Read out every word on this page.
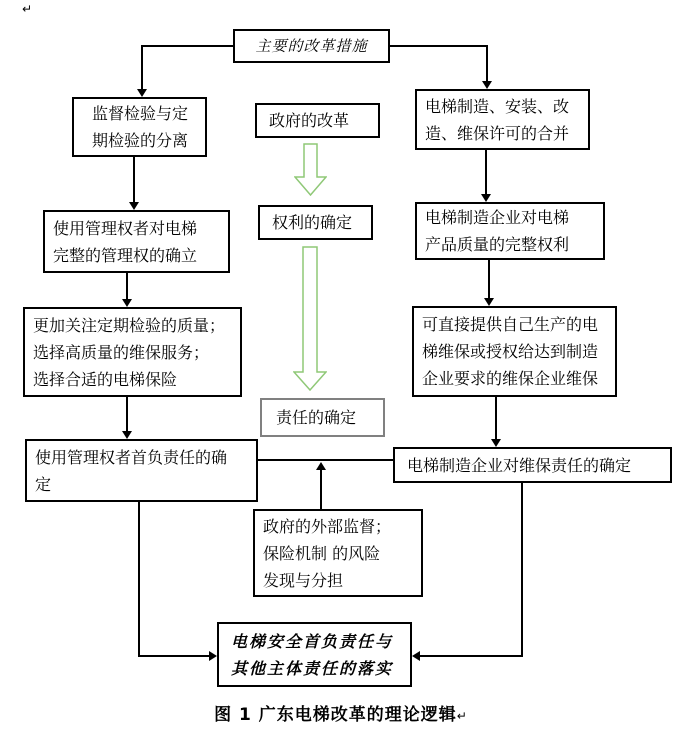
↵
主要的改革措施
监督检验与定
期检验的分离
政府的改革
电梯制造、安装、改
造、维保许可的合并
使用管理权者对电梯
完整的管理权的确立
权利的确定	电梯制造企业对电梯
产品质量的完整权利
更加关注定期检验的质量；
选择高质量的维保服务；
选择合适的电梯保险
可直接提供自己生产的电
梯维保或授权给达到制造
企业要求的维保企业维保
责任的确定
使用管理权者首负责任的确
定
电梯制造企业对维保责任的确定
政府的外部监督；
保险机制 的风险
发现与分担
电梯安全首负责任与
其他主体责任的落实
图 1 广东电梯改革的理论逻辑↵
